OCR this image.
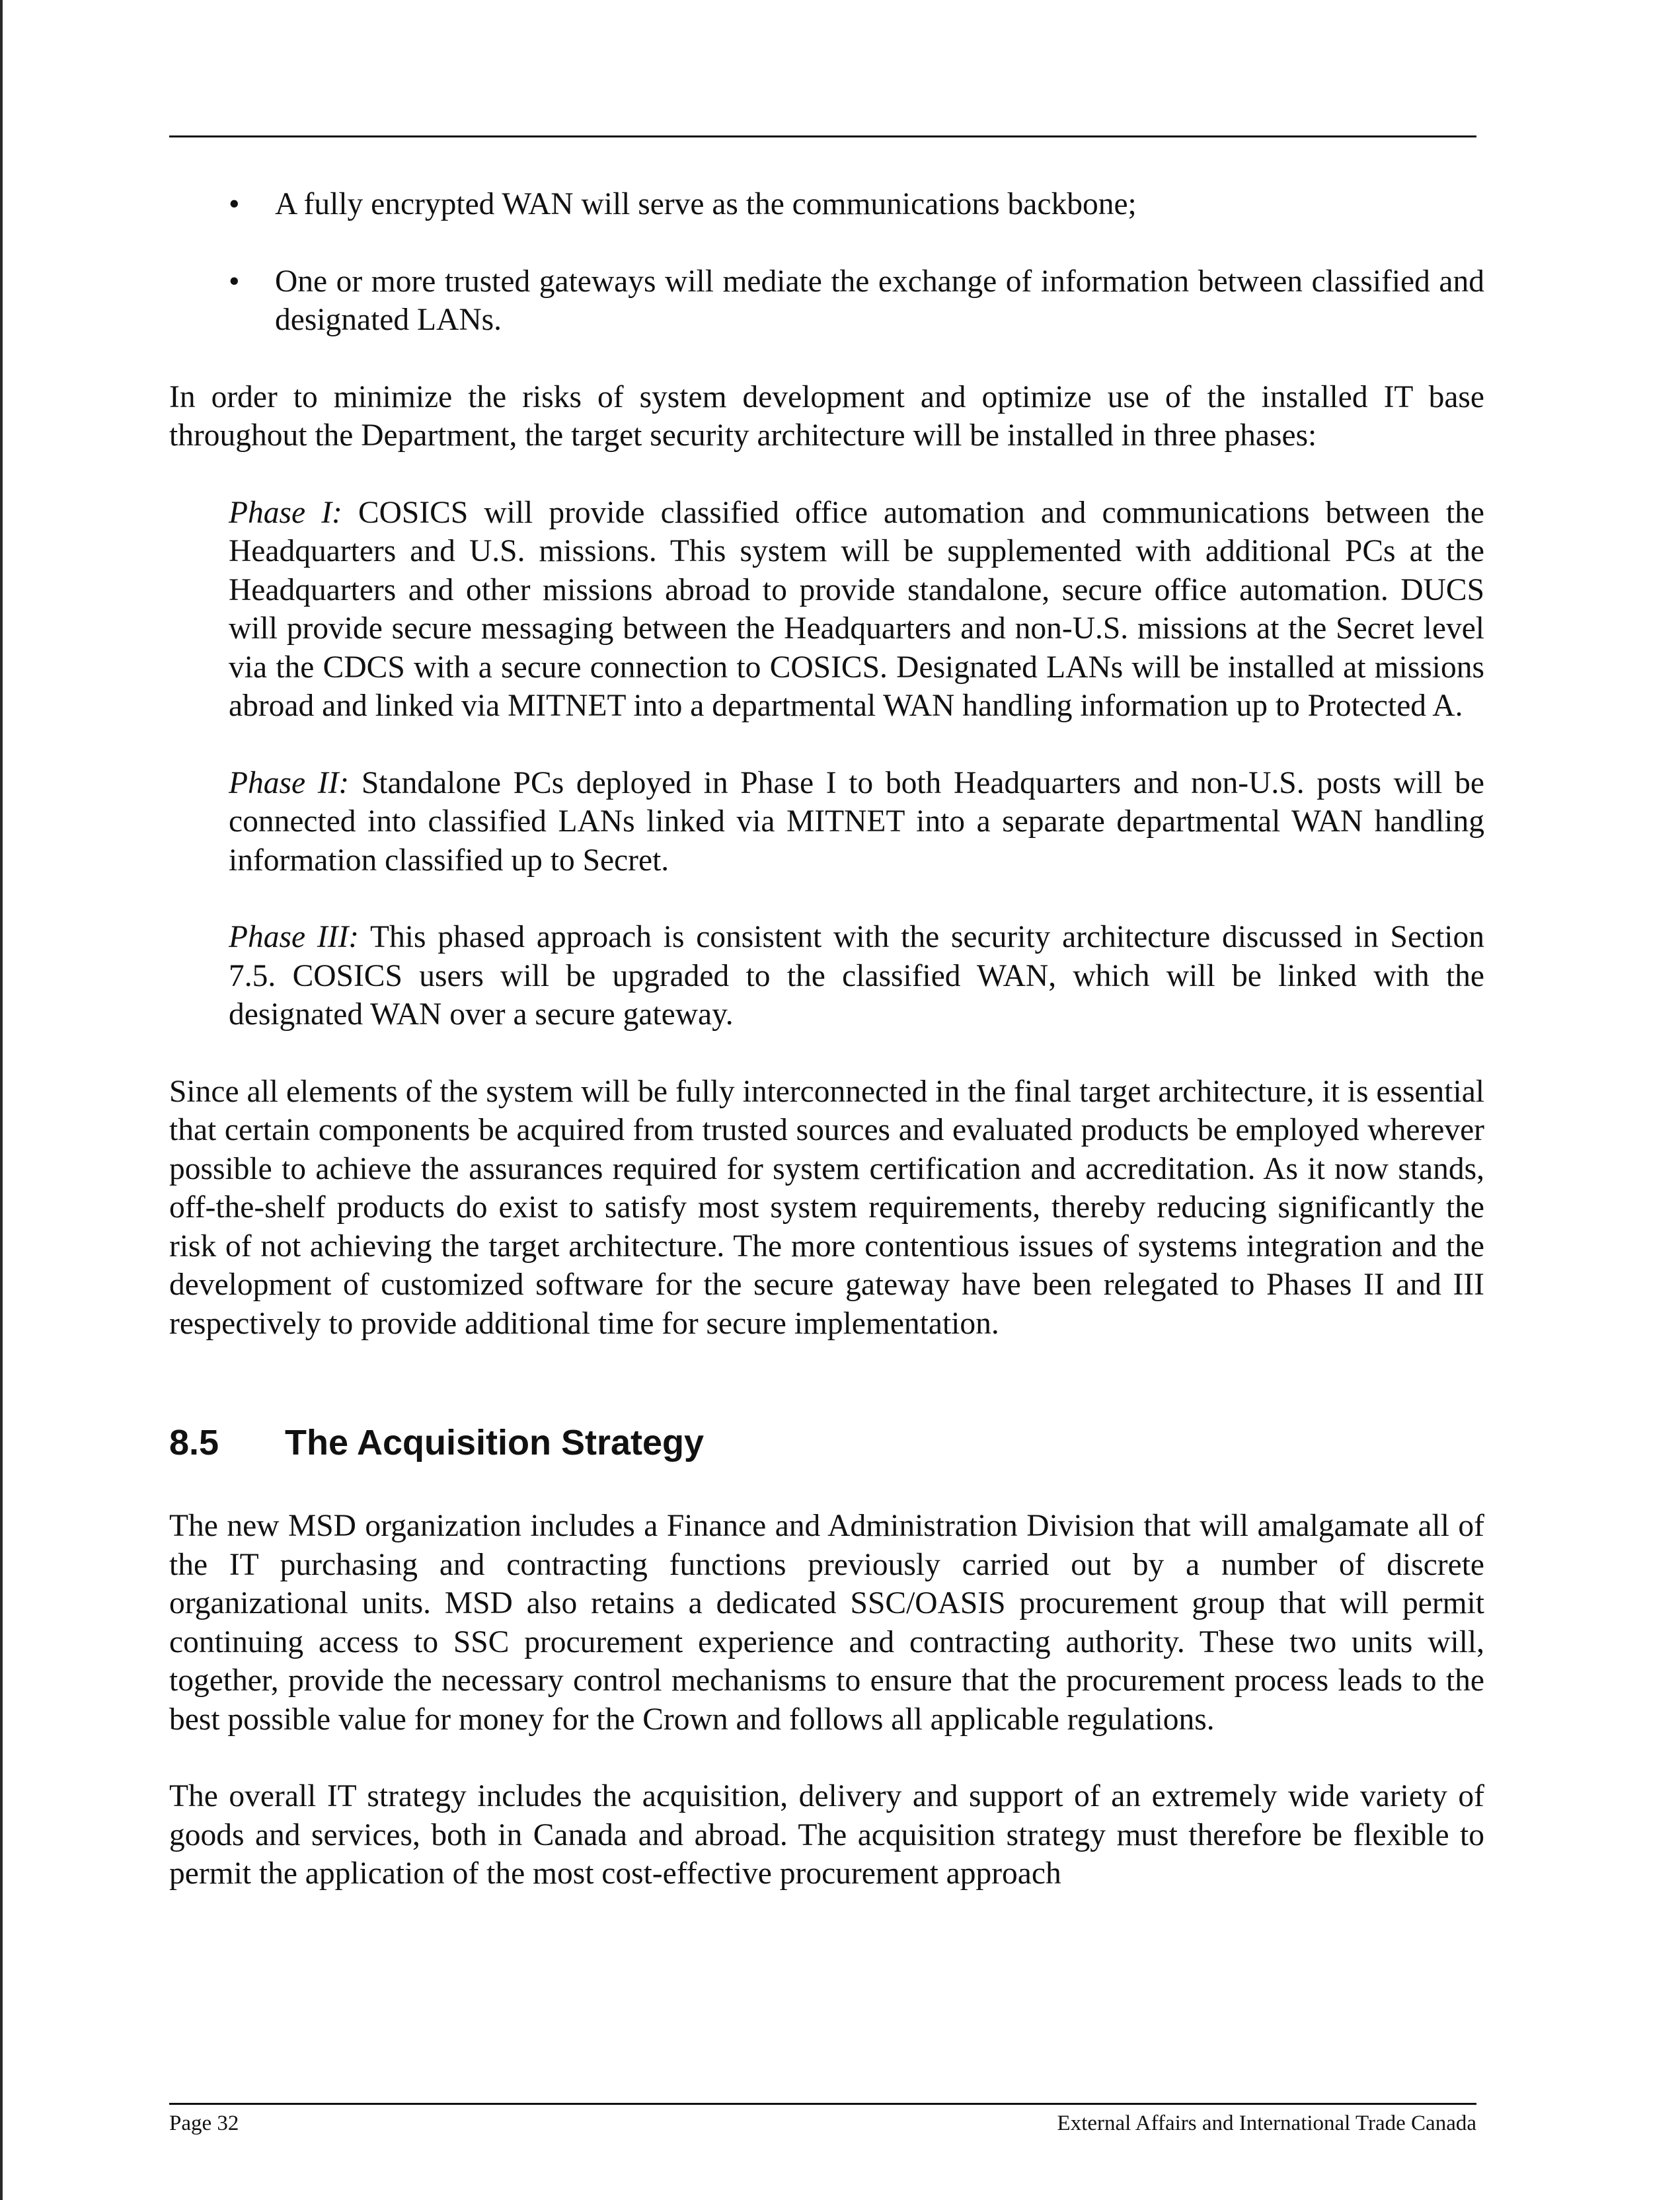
• A fully encrypted WAN will serve as the communications backbone;
• One or more trusted gateways will mediate the exchange of information between classified and designated LANs.

In order to minimize the risks of system development and optimize use of the installed IT base throughout the Department, the target security architecture will be installed in three phases:

Phase I: COSICS will provide classified office automation and communications between the Headquarters and U.S. missions. This system will be supplemented with additional PCs at the Headquarters and other missions abroad to provide standalone, secure office automation. DUCS will provide secure messaging between the Headquarters and non-U.S. missions at the Secret level via the CDCS with a secure connection to COSICS. Designated LANs will be installed at missions abroad and linked via MITNET into a departmental WAN handling information up to Protected A.

Phase II: Standalone PCs deployed in Phase I to both Headquarters and non-U.S. posts will be connected into classified LANs linked via MITNET into a separate departmental WAN handling information classified up to Secret.

Phase III: This phased approach is consistent with the security architecture discussed in Section 7.5. COSICS users will be upgraded to the classified WAN, which will be linked with the designated WAN over a secure gateway.

Since all elements of the system will be fully interconnected in the final target architecture, it is essential that certain components be acquired from trusted sources and evaluated products be employed wherever possible to achieve the assurances required for system certification and accreditation. As it now stands, off-the-shelf products do exist to satisfy most system requirements, thereby reducing significantly the risk of not achieving the target architecture. The more contentious issues of systems integration and the development of customized software for the secure gateway have been relegated to Phases II and III respectively to provide additional time for secure implementation.

8.5	The Acquisition Strategy

The new MSD organization includes a Finance and Administration Division that will amalgamate all of the IT purchasing and contracting functions previously carried out by a number of discrete organizational units. MSD also retains a dedicated SSC/OASIS procurement group that will permit continuing access to SSC procurement experience and contracting authority. These two units will, together, provide the necessary control mechanisms to ensure that the procurement process leads to the best possible value for money for the Crown and follows all applicable regulations.

The overall IT strategy includes the acquisition, delivery and support of an extremely wide variety of goods and services, both in Canada and abroad. The acquisition strategy must therefore be flexible to permit the application of the most cost-effective procurement approach

Page 32	External Affairs and International Trade Canada
